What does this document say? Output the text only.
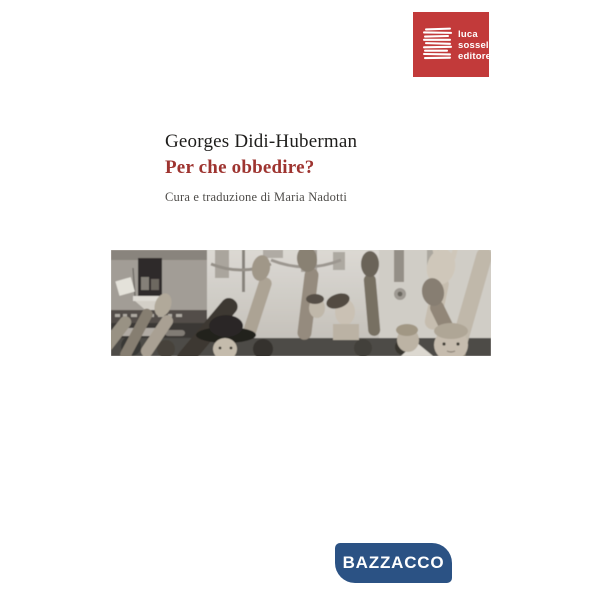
luca
sossella
editore
Georges Didi-Huberman
Per che obbedire?
Cura e traduzione di Maria Nadotti
BAZZACCO
